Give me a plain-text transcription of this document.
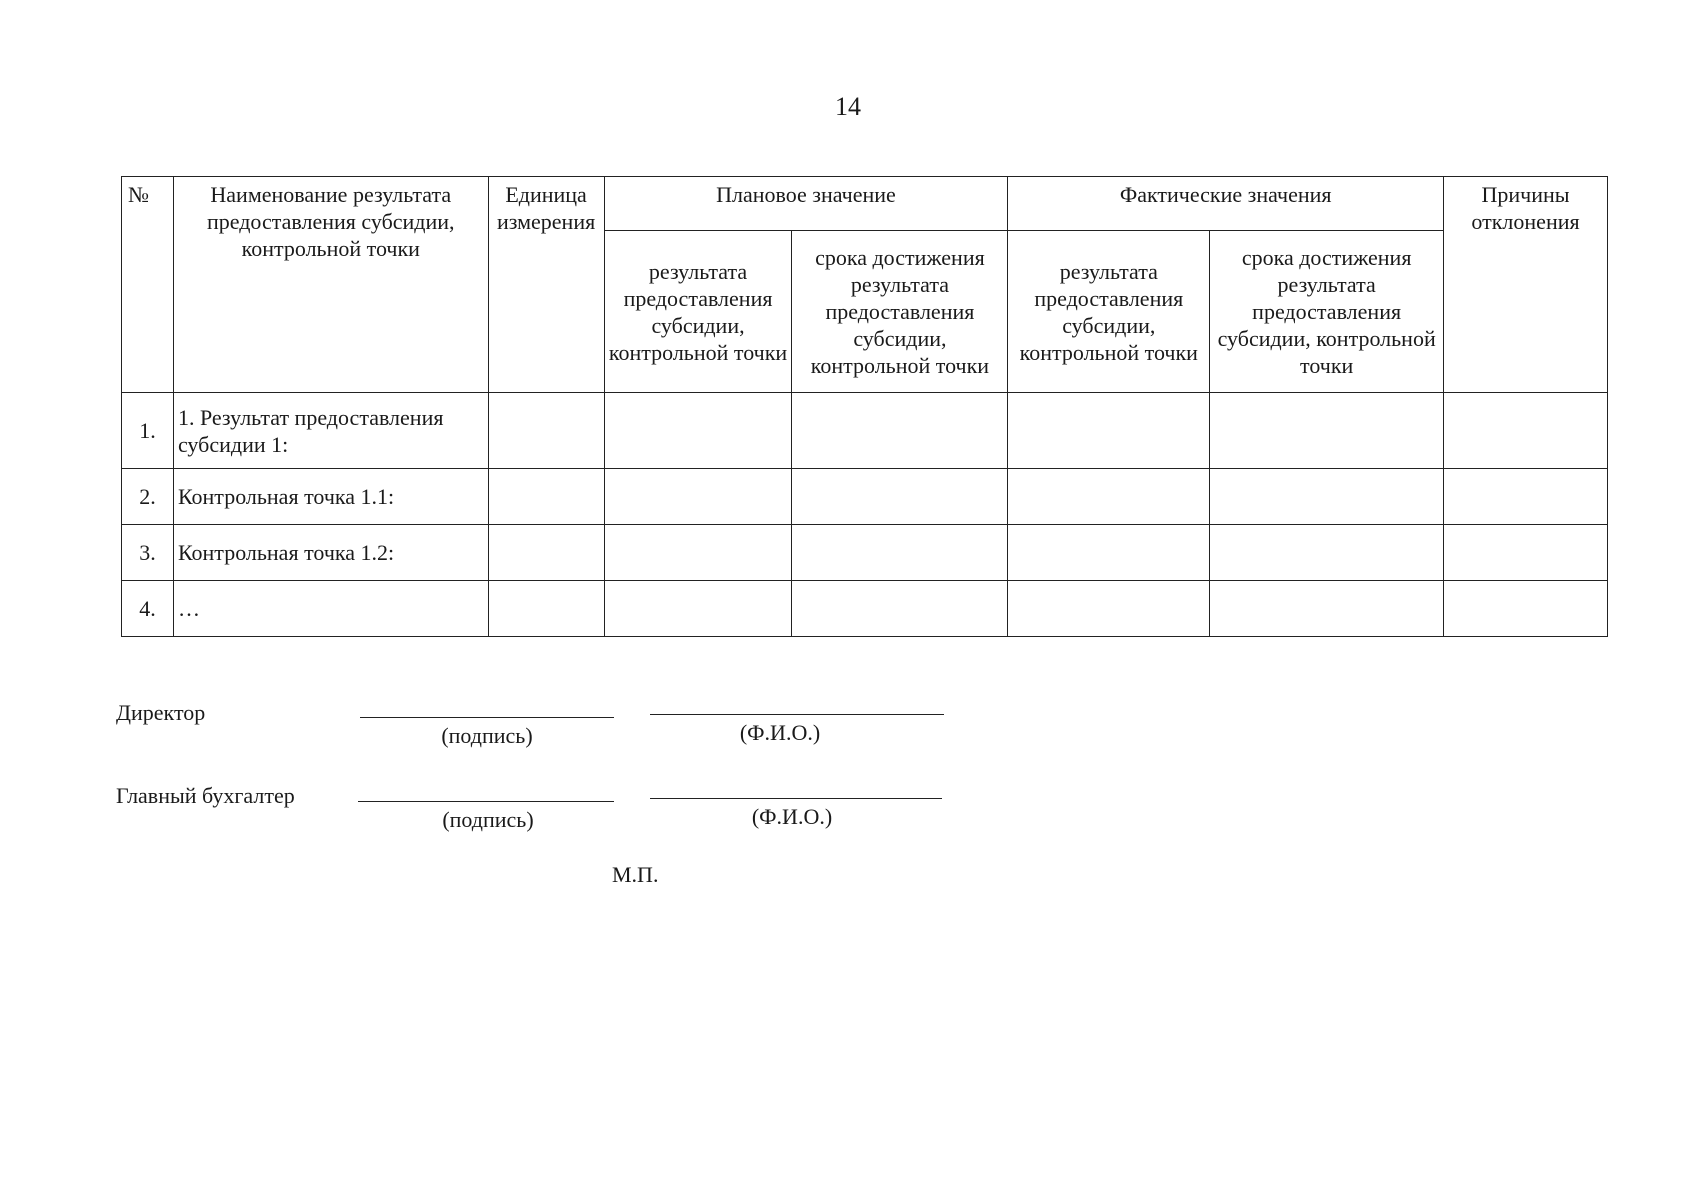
14
№	Наименование результата предоставления субсидии, контрольной точки	Единица измерения	Плановое значение		Фактические значения		Причины отклонения
			результата предоставления субсидии, контрольной точки	срока достижения результата предоставления субсидии, контрольной точки	результата предоставления субсидии, контрольной точки	срока достижения результата предоставления субсидии, контрольной точки	
1.	1. Результат предоставления субсидии 1:						
2.	Контрольная точка 1.1:						
3.	Контрольная точка 1.2:						
4.	…						
Директор
(подпись)	(Ф.И.О.)
Главный бухгалтер
(подпись)	(Ф.И.О.)
М.П.
